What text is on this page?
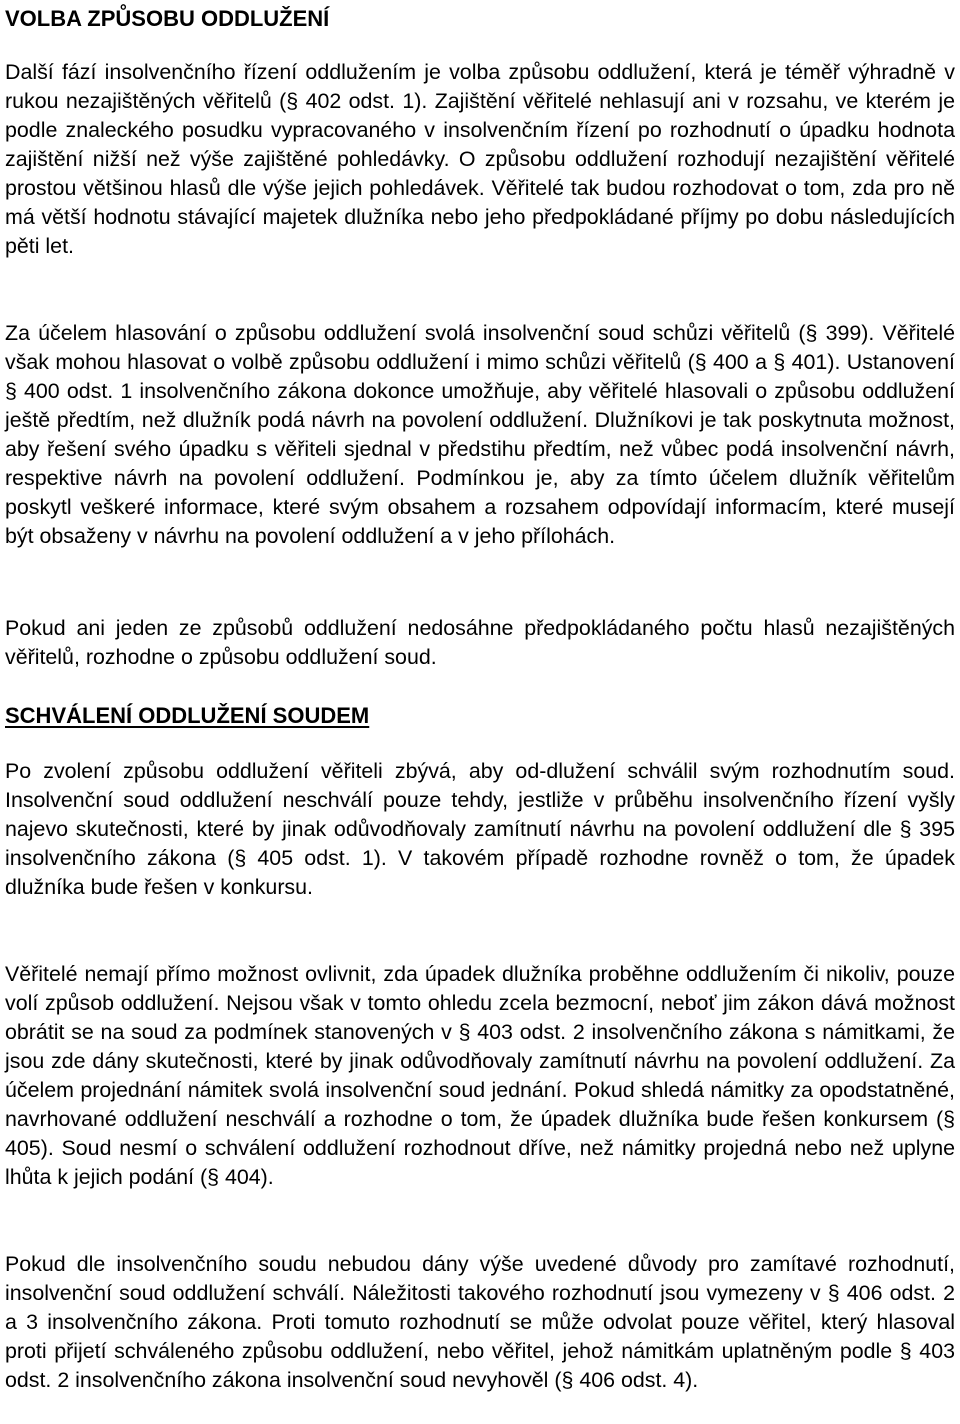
VOLBA ZPŮSOBU ODDLUŽENÍ

Další fází insolvenčního řízení oddlužením je volba způsobu oddlužení, která je téměř výhradně v rukou nezajištěných věřitelů (§ 402 odst. 1). Zajištění věřitelé nehlasují ani v rozsahu, ve kterém je podle znaleckého posudku vypracovaného v insolvenčním řízení po rozhodnutí o úpadku hodnota zajištění nižší než výše zajištěné pohledávky. O způsobu oddlužení rozhodují nezajištění věřitelé prostou většinou hlasů dle výše jejich pohledávek. Věřitelé tak budou rozhodovat o tom, zda pro ně má větší hodnotu stávající majetek dlužníka nebo jeho předpokládané příjmy po dobu následujících pěti let.

Za účelem hlasování o způsobu oddlužení svolá insolvenční soud schůzi věřitelů (§ 399). Věřitelé však mohou hlasovat o volbě způsobu oddlužení i mimo schůzi věřitelů (§ 400 a § 401). Ustanovení § 400 odst. 1 insolvenčního zákona dokonce umožňuje, aby věřitelé hlasovali o způsobu oddlužení ještě předtím, než dlužník podá návrh na povolení oddlužení. Dlužníkovi je tak poskytnuta možnost, aby řešení svého úpadku s věřiteli sjednal v předstihu předtím, než vůbec podá insolvenční návrh, respektive návrh na povolení oddlužení. Podmínkou je, aby za tímto účelem dlužník věřitelům poskytl veškeré informace, které svým obsahem a rozsahem odpovídají informacím, které musejí být obsaženy v návrhu na povolení oddlužení a v jeho přílohách.

Pokud ani jeden ze způsobů oddlužení nedosáhne předpokládaného počtu hlasů nezajištěných věřitelů, rozhodne o způsobu oddlužení soud.

SCHVÁLENÍ ODDLUŽENÍ SOUDEM

Po zvolení způsobu oddlužení věřiteli zbývá, aby od-dlužení schválil svým rozhodnutím soud. Insolvenční soud oddlužení neschválí pouze tehdy, jestliže v průběhu insolvenčního řízení vyšly najevo skutečnosti, které by jinak odůvodňovaly zamítnutí návrhu na povolení oddlužení dle § 395 insolvenčního zákona (§ 405 odst. 1). V takovém případě rozhodne rovněž o tom, že úpadek dlužníka bude řešen v konkursu.

Věřitelé nemají přímo možnost ovlivnit, zda úpadek dlužníka proběhne oddlužením či nikoliv, pouze volí způsob oddlužení. Nejsou však v tomto ohledu zcela bezmocní, neboť jim zákon dává možnost obrátit se na soud za podmínek stanovených v § 403 odst. 2 insolvenčního zákona s námitkami, že jsou zde dány skutečnosti, které by jinak odůvodňovaly zamítnutí návrhu na povolení oddlužení. Za účelem projednání námitek svolá insolvenční soud jednání. Pokud shledá námitky za opodstatněné, navrhované oddlužení neschválí a rozhodne o tom, že úpadek dlužníka bude řešen konkursem (§ 405). Soud nesmí o schválení oddlužení rozhodnout dříve, než námitky projedná nebo než uplyne lhůta k jejich podání (§ 404).

Pokud dle insolvenčního soudu nebudou dány výše uvedené důvody pro zamítavé rozhodnutí, insolvenční soud oddlužení schválí. Náležitosti takového rozhodnutí jsou vymezeny v § 406 odst. 2 a 3 insolvenčního zákona. Proti tomuto rozhodnutí se může odvolat pouze věřitel, který hlasoval proti přijetí schváleného způsobu oddlužení, nebo věřitel, jehož námitkám uplatněným podle § 403 odst. 2 insolvenčního zákona insolvenční soud nevyhověl (§ 406 odst. 4).
